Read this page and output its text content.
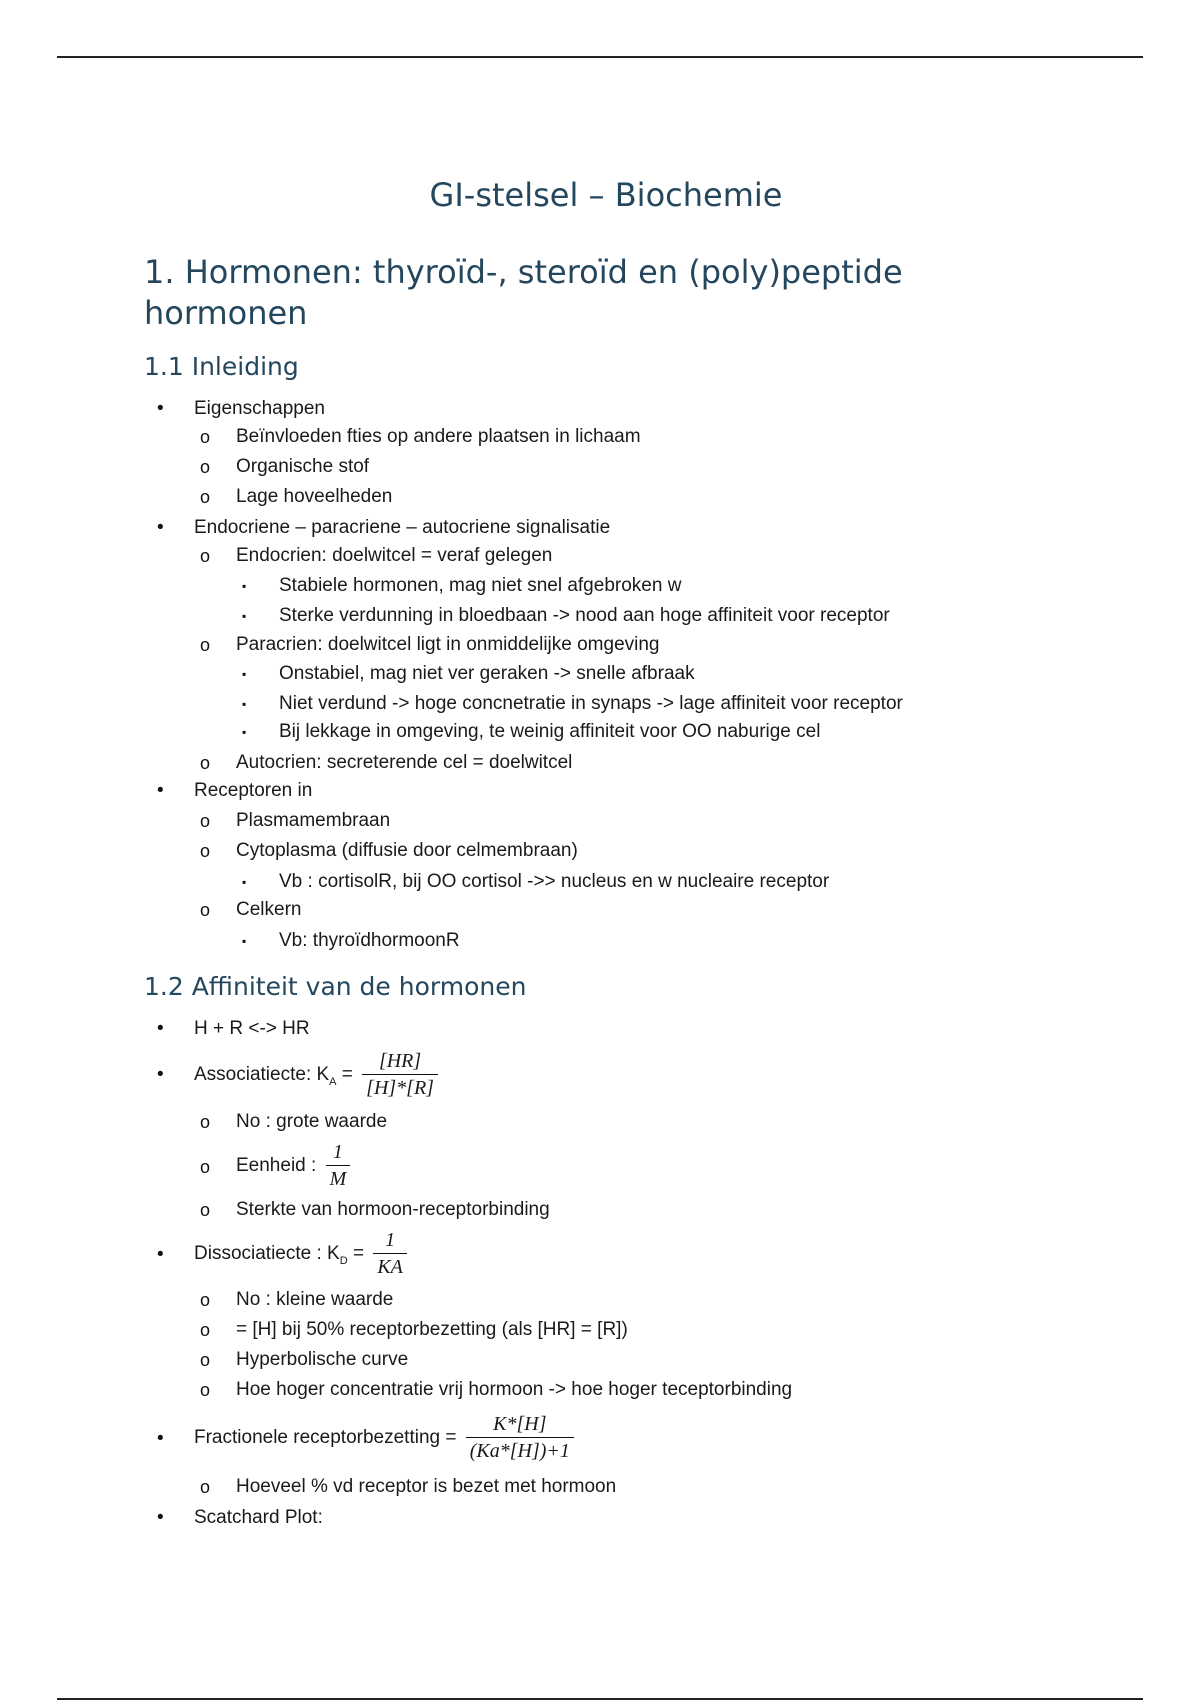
GI-stelsel – Biochemie
1. Hormonen: thyroïd-, steroïd en (poly)peptide hormonen
1.1 Inleiding
• Eigenschappen
o Beïnvloeden fties op andere plaatsen in lichaam
o Organische stof
o Lage hoveelheden
• Endocriene – paracriene – autocriene signalisatie
o Endocrien: doelwitcel = veraf gelegen
▪ Stabiele hormonen, mag niet snel afgebroken w
▪ Sterke verdunning in bloedbaan -> nood aan hoge affiniteit voor receptor
o Paracrien: doelwitcel ligt in onmiddelijke omgeving
▪ Onstabiel, mag niet ver geraken -> snelle afbraak
▪ Niet verdund -> hoge concnetratie in synaps -> lage affiniteit voor receptor
▪ Bij lekkage in omgeving, te weinig affiniteit voor OO naburige cel
o Autocrien: secreterende cel = doelwitcel
• Receptoren in
o Plasmamembraan
o Cytoplasma (diffusie door celmembraan)
▪ Vb : cortisolR, bij OO cortisol ->> nucleus en w nucleaire receptor
o Celkern
▪ Vb: thyroïdhormoonR
1.2 Affiniteit van de hormonen
• H + R <-> HR
• Associatiecte: $K_A = \frac{[HR]}{[H]*[R]}$
o No : grote waarde
o Eenheid : $\frac{1}{M}$
o Sterkte van hormoon-receptorbinding
• Dissociatiecte : $K_D = \frac{1}{KA}$
o No : kleine waarde
o = [H] bij 50% receptorbezetting (als [HR] = [R])
o Hyperbolische curve
o Hoe hoger concentratie vrij hormoon -> hoe hoger teceptorbinding
• Fractionele receptorbezetting = $\frac{K*[H]}{(Ka*[H])+1}$
o Hoeveel % vd receptor is bezet met hormoon
• Scatchard Plot:
